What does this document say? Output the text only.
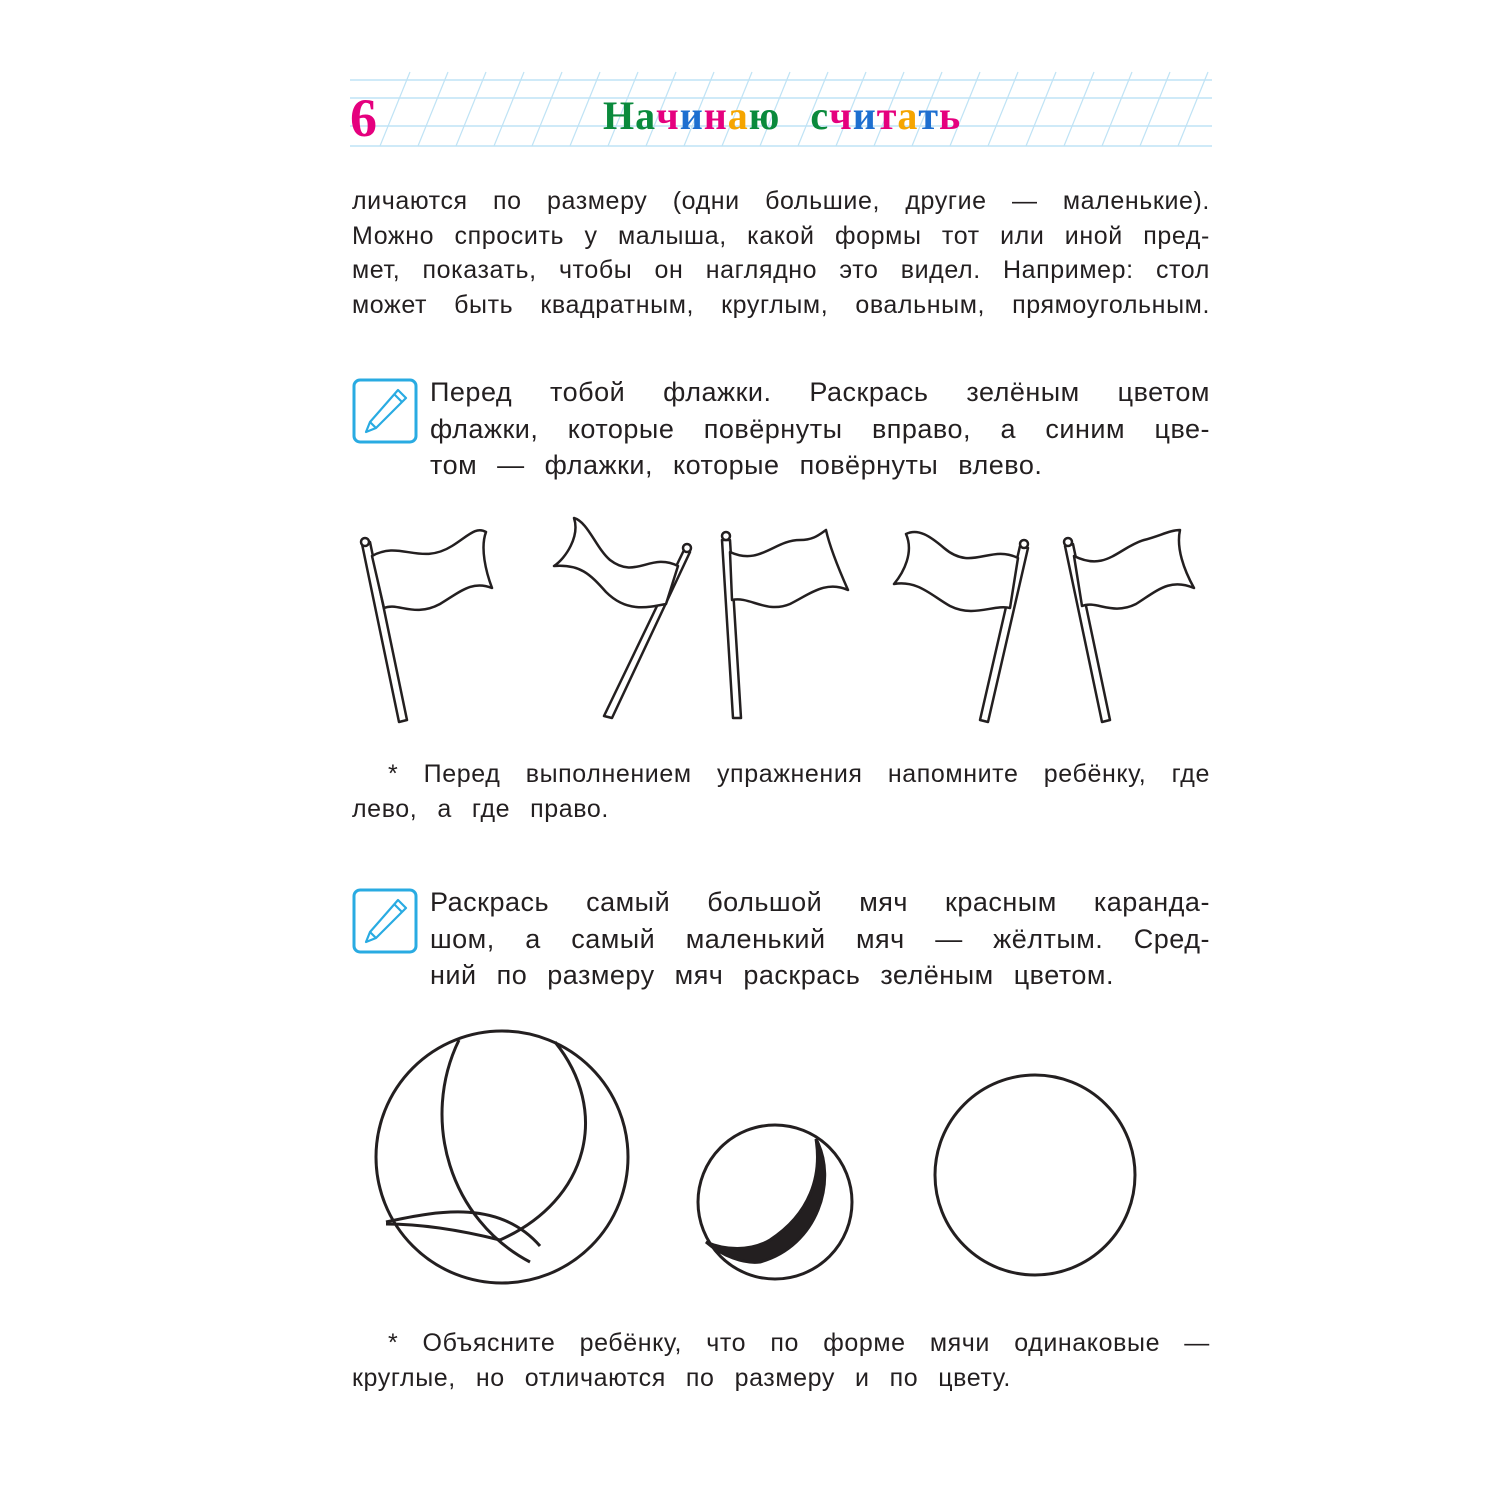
6	Начинаю считать
личаются по размеру (одни большие, другие — маленькие).
Можно спросить у малыша, какой формы тот или иной пред-
мет, показать, чтобы он наглядно это видел. Например: стол
может быть квадратным, круглым, овальным, прямоугольным.
Перед тобой флажки. Раскрась зелёным цветом
флажки, которые повёрнуты вправо, а синим цве-
том — флажки, которые повёрнуты влево.
* Перед выполнением упражнения напомните ребёнку, где
лево, а где право.
Раскрась самый большой мяч красным каранда-
шом, а самый маленький мяч — жёлтым. Сред-
ний по размеру мяч раскрась зелёным цветом.
* Объясните ребёнку, что по форме мячи одинаковые —
круглые, но отличаются по размеру и по цвету.
